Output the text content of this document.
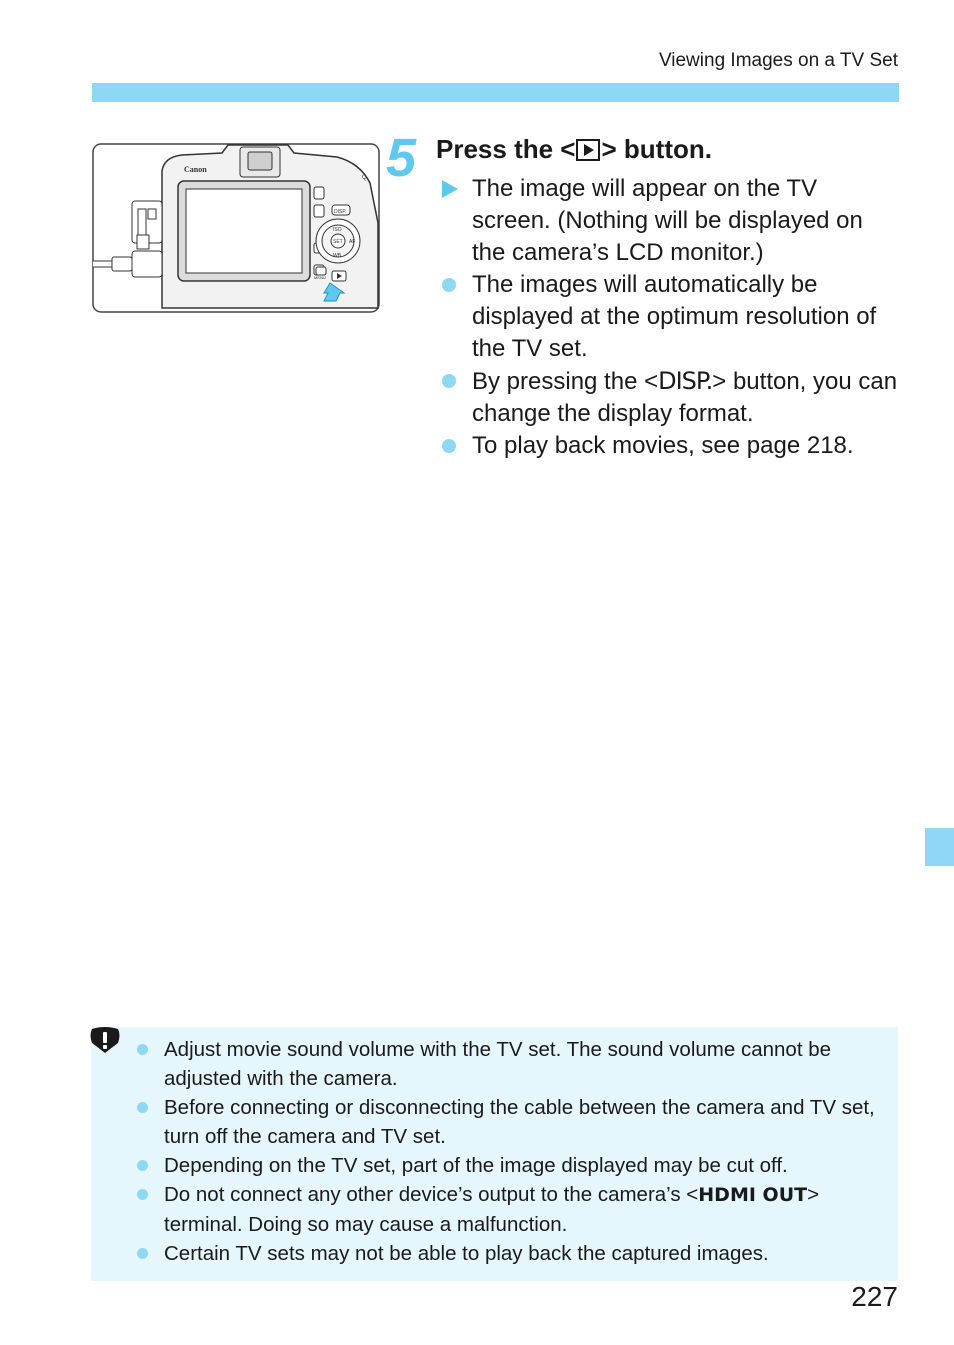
Viewing Images on a TV Set
Canon
DISP.
SET
ISO
AF
WB
MENU
Q 5 Press the < > button.
The image will appear on the TV screen. (Nothing will be displayed on the camera’s LCD monitor.)
The images will automatically be displayed at the optimum resolution of the TV set.
By pressing the <DISP.> button, you can change the display format.
To play back movies, see page 218.
Adjust movie sound volume with the TV set. The sound volume cannot be adjusted with the camera.
Before connecting or disconnecting the cable between the camera and TV set, turn off the camera and TV set.
Depending on the TV set, part of the image displayed may be cut off.
Do not connect any other device’s output to the camera’s <HDMI OUT> terminal. Doing so may cause a malfunction.
Certain TV sets may not be able to play back the captured images.
227
